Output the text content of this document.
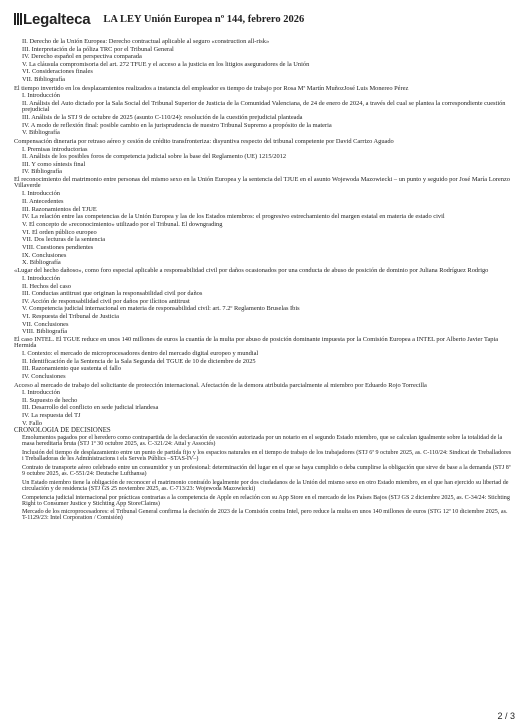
Legalteca LA LEY Unión Europea nº 144, febrero 2026
II. Derecho de la Unión Europea: Derecho contractual aplicable al seguro «construction all-risk»
III. Interpretación de la póliza TRC por el Tribunal General
IV. Derecho español en perspectiva comparada
V. La cláusula compromisoria del art. 272 TFUE y el acceso a la justicia en los litigios aseguradores de la Unión
VI. Consideraciones finales
VII. Bibliografía
El tiempo invertido en los desplazamientos realizados a instancia del empleador es tiempo de trabajo por Rosa Mª Martín MuñozJosé Luis Monereo Pérez
I. Introducción
II. Análisis del Auto dictado por la Sala Social del Tribunal Superior de Justicia de la Comunidad Valenciana, de 24 de enero de 2024, a través del cual se plantea la correspondiente cuestión prejudicial
III. Análisis de la STJ 9 de octubre de 2025 (asunto C-110/24): resolución de la cuestión prejudicial planteada
IV. A modo de reflexión final: posible cambio en la jurisprudencia de nuestro Tribunal Supremo a propósito de la materia
V. Bibliografía
Compensación dineraria por retraso aéreo y cesión de crédito transfronteriza: disyuntiva respecto del tribunal competente por David Carrizo Aguado
I. Premisas introductorias
II. Análisis de los posibles foros de competencia judicial sobre la base del Reglamento (UE) 1215/2012
III. Y como síntesis final
IV. Bibliografía
El reconocimiento del matrimonio entre personas del mismo sexo en la Unión Europea y la sentencia del TJUE en el asunto Wojewoda Mazowiecki – un punto y seguido por José María Lorenzo Villaverde
I. Introducción
II. Antecedentes
III. Razonamientos del TJUE
IV. La relación entre las competencias de la Unión Europea y las de los Estados miembros: el progresivo estrechamiento del margen estatal en materia de estado civil
V. El concepto de «reconocimiento» utilizado por el Tribunal. El downgrading
VI. El orden público europeo
VII. Dos lecturas de la sentencia
VIII. Cuestiones pendientes
IX. Conclusiones
X. Bibliografía
«Lugar del hecho dañoso», como foro especial aplicable a responsabilidad civil por daños ocasionados por una conducta de abuso de posición de dominio por Juliana Rodríguez Rodrigo
I. Introducción
II. Hechos del caso
III. Conductas antitrust que originan la responsabilidad civil por daños
IV. Acción de responsabilidad civil por daños por ilícitos antitrust
V. Competencia judicial internacional en materia de responsabilidad civil: art. 7.2º Reglamento Bruselas Ibis
VI. Respuesta del Tribunal de Justicia
VII. Conclusiones
VIII. Bibliografía
El caso INTEL. El TGUE reduce en unos 140 millones de euros la cuantía de la multa por abuso de posición dominante impuesta por la Comisión Europea a INTEL por Alberto Javier Tapia Hermida
I. Contexto: el mercado de microprocesadores dentro del mercado digital europeo y mundial
II. Identificación de la Sentencia de la Sala Segunda del TGUE de 10 de diciembre de 2025
III. Razonamiento que sustenta el fallo
IV. Conclusiones
Acceso al mercado de trabajo del solicitante de protección internacional. Afectación de la demora atribuida parcialmente al miembro por Eduardo Rojo Torrecilla
I. Introducción
II. Supuesto de hecho
III. Desarrollo del conflicto en sede judicial irlandesa
IV. La respuesta del TJ
V. Fallo
CRONOLOGÍA DE DECISIONES
Emolumentos pagados por el heredero como contrapartida de la declaración de sucesión autorizada por un notario en el segundo Estado miembro, que se calculan igualmente sobre la totalidad de la masa hereditaria bruta (STJ 1º 30 octubre 2025, as. C-321/24: Attal y Associés)
Inclusión del tiempo de desplazamiento entre un punto de partida fijo y los espacios naturales en el tiempo de trabajo de los trabajadores (STJ 6ª 9 octubre 2025, as. C-110/24: Sindicat de Treballadores i Treballadoras de les Administracions i els Serveis Públics –STAS-IV–)
Contrato de transporte aéreo celebrado entre un consumidor y un profesional: determinación del lugar en el que se haya cumplido o deba cumplirse la obligación que sirve de base a la demanda (STJ 8ª 9 octubre 2025, as. C-551/24: Deutsche Lufthansa)
Un Estado miembro tiene la obligación de reconocer el matrimonio contraído legalmente por dos ciudadanos de la Unión del mismo sexo en otro Estado miembro, en el que han ejercido su libertad de circulación y de residencia (STJ GS 25 noviembre 2025, as. C-713/23: Wojewoda Mazowiecki)
Competencia judicial internacional por prácticas contrarias a la competencia de Apple en relación con su App Store en el mercado de los Países Bajos (STJ GS 2 diciembre 2025, as. C-34/24: Stichting Right to Consumer Justice y Stichting App StoreClaims)
Mercado de los microprocesadores: el Tribunal General confirma la decisión de 2023 de la Comisión contra Intel, pero reduce la multa en unos 140 millones de euros (STG 12ª 10 diciembre 2025, as. T-1129/23: Intel Corporation / Comisión)
2 / 3
